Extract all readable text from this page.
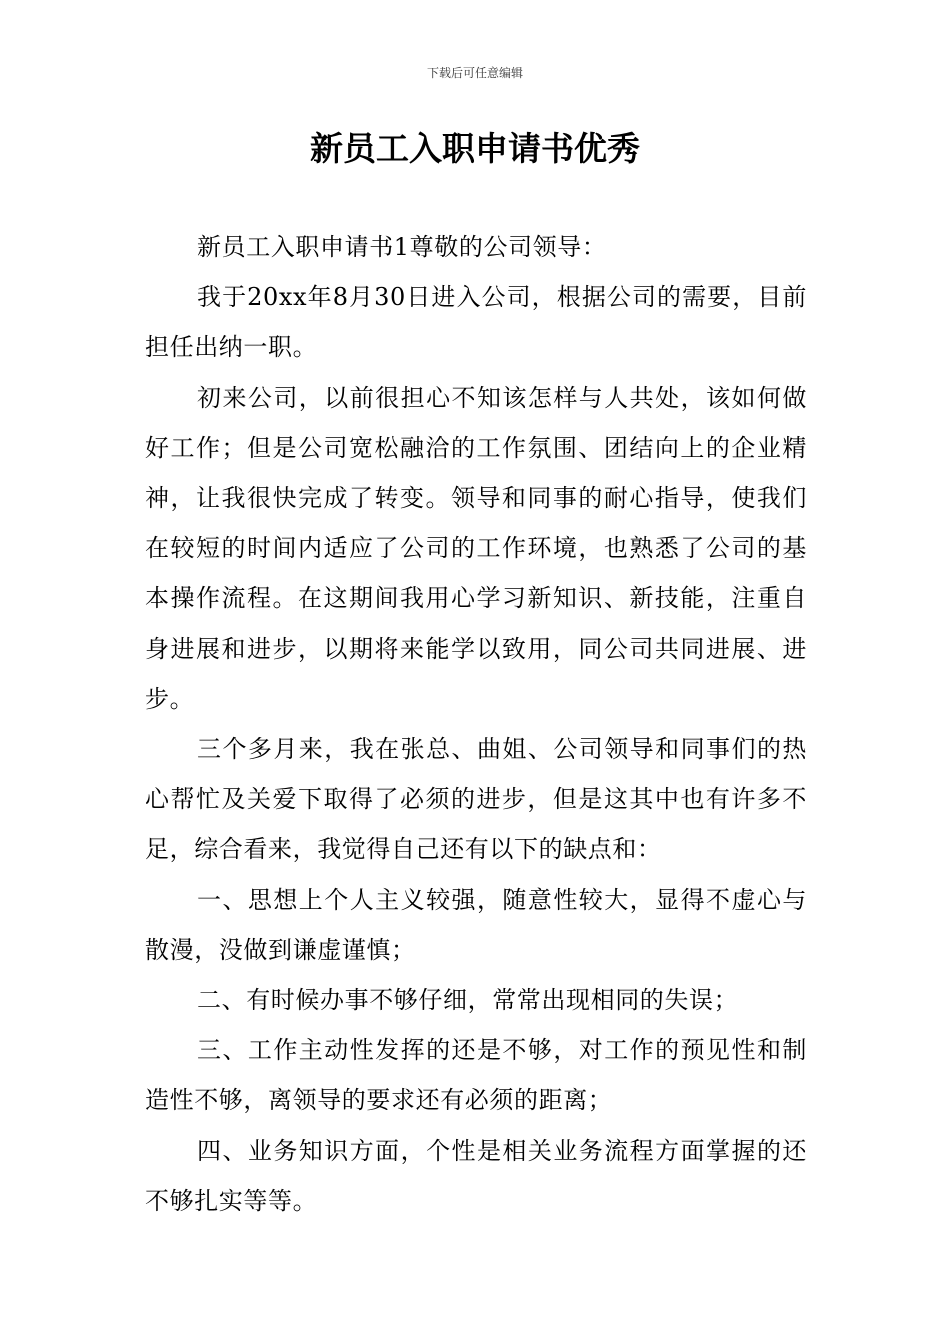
下载后可任意编辑
新员工入职申请书优秀

新员工入职申请书1尊敬的公司领导：

我于20xx年8月30日进入公司，根据公司的需要，目前担任出纳一职。

初来公司，以前很担心不知该怎样与人共处，该如何做好工作；但是公司宽松融洽的工作氛围、团结向上的企业精神，让我很快完成了转变。领导和同事的耐心指导，使我们在较短的时间内适应了公司的工作环境，也熟悉了公司的基本操作流程。在这期间我用心学习新知识、新技能，注重自身进展和进步，以期将来能学以致用，同公司共同进展、进步。

三个多月来，我在张总、曲姐、公司领导和同事们的热心帮忙及关爱下取得了必须的进步，但是这其中也有许多不足，综合看来，我觉得自己还有以下的缺点和：

一、思想上个人主义较强，随意性较大，显得不虚心与散漫，没做到谦虚谨慎；

二、有时候办事不够仔细，常常出现相同的失误；

三、工作主动性发挥的还是不够，对工作的预见性和制造性不够，离领导的要求还有必须的距离；

四、业务知识方面，个性是相关业务流程方面掌握的还不够扎实等等。
